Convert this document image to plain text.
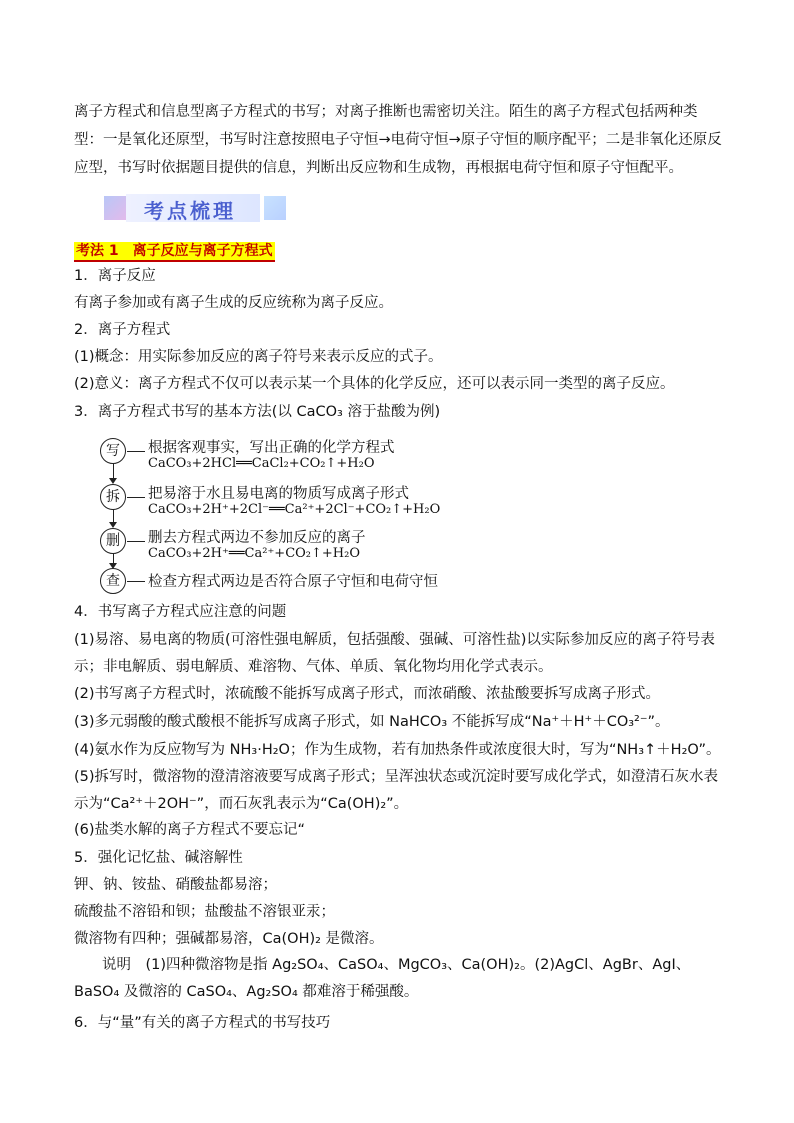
离子方程式和信息型离子方程式的书写；对离子推断也需密切关注。陌生的离子方程式包括两种类型：一是氧化还原型，书写时注意按照电子守恒→电荷守恒→原子守恒的顺序配平；二是非氧化还原反应型，书写时依据题目提供的信息，判断出反应物和生成物，再根据电荷守恒和原子守恒配平。

考点梳理
考法 1　离子反应与离子方程式
1．离子反应
有离子参加或有离子生成的反应统称为离子反应。
2．离子方程式
(1)概念：用实际参加反应的离子符号来表示反应的式子。
(2)意义：离子方程式不仅可以表示某一个具体的化学反应，还可以表示同一类型的离子反应。
3．离子方程式书写的基本方法(以 CaCO₃ 溶于盐酸为例)
写	根据客观事实，写出正确的化学方程式
CaCO₃+2HCl══CaCl₂+CO₂↑+H₂O
拆	把易溶于水且易电离的物质写成离子形式
CaCO₃+2H⁺+2Cl⁻══Ca²⁺+2Cl⁻+CO₂↑+H₂O
删	删去方程式两边不参加反应的离子
CaCO₃+2H⁺══Ca²⁺+CO₂↑+H₂O
查	检查方程式两边是否符合原子守恒和电荷守恒
4．书写离子方程式应注意的问题
(1)易溶、易电离的物质(可溶性强电解质，包括强酸、强碱、可溶性盐)以实际参加反应的离子符号表示；非电解质、弱电解质、难溶物、气体、单质、氧化物均用化学式表示。
(2)书写离子方程式时，浓硫酸不能拆写成离子形式，而浓硝酸、浓盐酸要拆写成离子形式。
(3)多元弱酸的酸式酸根不能拆写成离子形式，如 NaHCO₃ 不能拆写成“Na⁺＋H⁺＋CO₃²⁻”。
(4)氨水作为反应物写为 NH₃·H₂O；作为生成物，若有加热条件或浓度很大时，写为“NH₃↑＋H₂O”。
(5)拆写时，微溶物的澄清溶液要写成离子形式；呈浑浊状态或沉淀时要写成化学式，如澄清石灰水表示为“Ca²⁺＋2OH⁻”，而石灰乳表示为“Ca(OH)₂”。
(6)盐类水解的离子方程式不要忘记“
5．强化记忆盐、碱溶解性
钾、钠、铵盐、硝酸盐都易溶；
硫酸盐不溶铅和钡；盐酸盐不溶银亚汞；
微溶物有四种；强碱都易溶，Ca(OH)₂ 是微溶。
说明　(1)四种微溶物是指 Ag₂SO₄、CaSO₄、MgCO₃、Ca(OH)₂。(2)AgCl、AgBr、AgI、BaSO₄ 及微溶的 CaSO₄、Ag₂SO₄ 都难溶于稀强酸。
6．与“量”有关的离子方程式的书写技巧
